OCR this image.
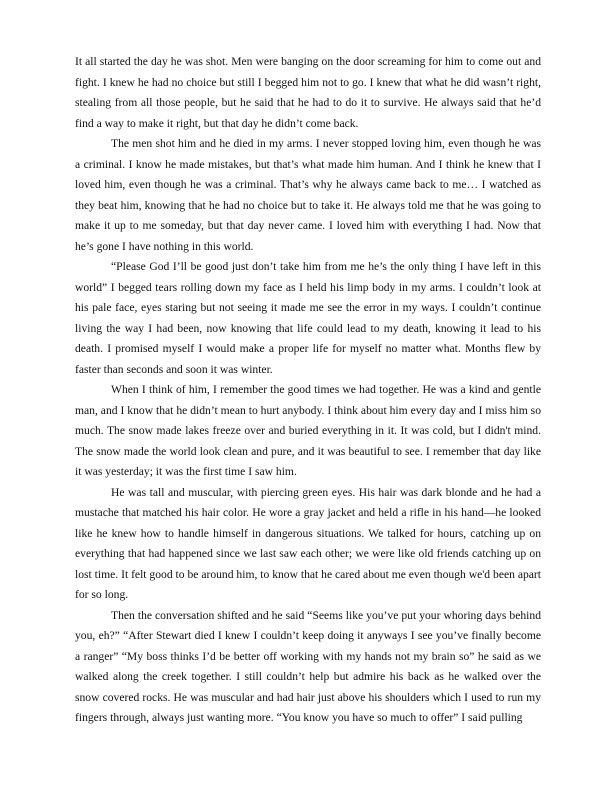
It all started the day he was shot. Men were banging on the door screaming for him to come out and fight. I knew he had no choice but still I begged him not to go. I knew that what he did wasn’t right, stealing from all those people, but he said that he had to do it to survive. He always said that he’d find a way to make it right, but that day he didn’t come back.

The men shot him and he died in my arms. I never stopped loving him, even though he was a criminal. I know he made mistakes, but that’s what made him human. And I think he knew that I loved him, even though he was a criminal. That’s why he always came back to me… I watched as they beat him, knowing that he had no choice but to take it. He always told me that he was going to make it up to me someday, but that day never came. I loved him with everything I had. Now that he’s gone I have nothing in this world.

“Please God I’ll be good just don’t take him from me he’s the only thing I have left in this world” I begged tears rolling down my face as I held his limp body in my arms. I couldn’t look at his pale face, eyes staring but not seeing it made me see the error in my ways. I couldn’t continue living the way I had been, now knowing that life could lead to my death, knowing it lead to his death. I promised myself I would make a proper life for myself no matter what. Months flew by faster than seconds and soon it was winter.

When I think of him, I remember the good times we had together. He was a kind and gentle man, and I know that he didn’t mean to hurt anybody. I think about him every day and I miss him so much. The snow made lakes freeze over and buried everything in it. It was cold, but I didn't mind. The snow made the world look clean and pure, and it was beautiful to see. I remember that day like it was yesterday; it was the first time I saw him.

He was tall and muscular, with piercing green eyes. His hair was dark blonde and he had a mustache that matched his hair color. He wore a gray jacket and held a rifle in his hand—he looked like he knew how to handle himself in dangerous situations. We talked for hours, catching up on everything that had happened since we last saw each other; we were like old friends catching up on lost time. It felt good to be around him, to know that he cared about me even though we'd been apart for so long.

Then the conversation shifted and he said “Seems like you’ve put your whoring days behind you, eh?” “After Stewart died I knew I couldn’t keep doing it anyways I see you’ve finally become a ranger” “My boss thinks I’d be better off working with my hands not my brain so” he said as we walked along the creek together. I still couldn’t help but admire his back as he walked over the snow covered rocks. He was muscular and had hair just above his shoulders which I used to run my fingers through, always just wanting more. “You know you have so much to offer” I said pulling
